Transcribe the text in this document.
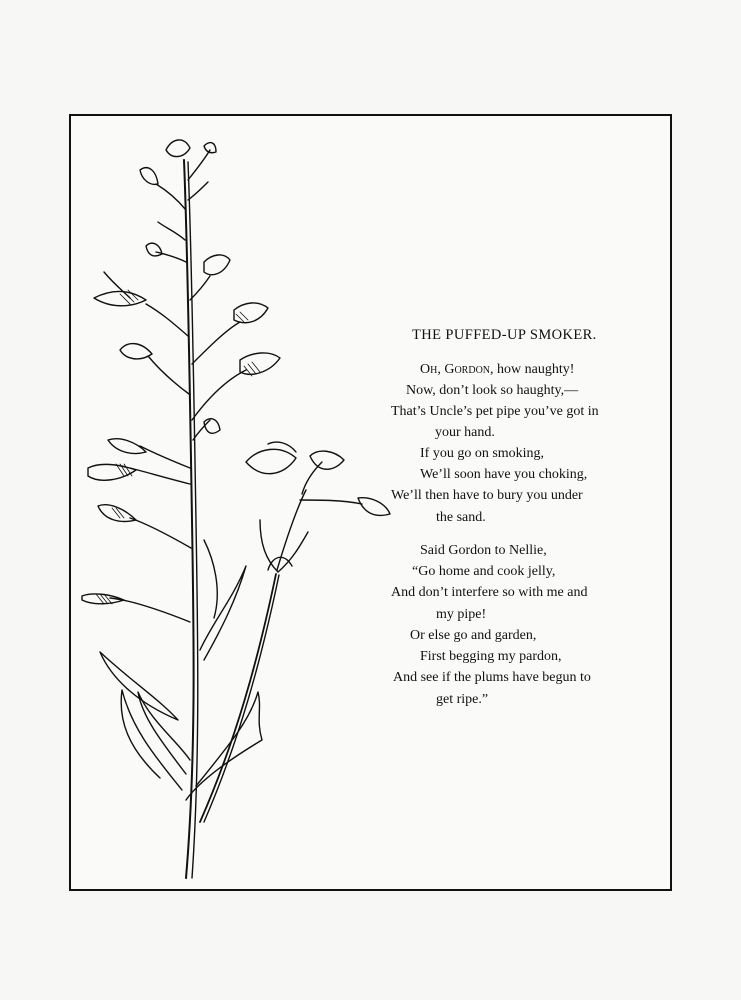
THE PUFFED-UP SMOKER.
Oh, Gordon, how naughty!
Now, don’t look so haughty,—
That’s Uncle’s pet pipe you’ve got in
your hand.
If you go on smoking,
We’ll soon have you choking,
We’ll then have to bury you under
the sand.
Said Gordon to Nellie,
“Go home and cook jelly,
And don’t interfere so with me and
my pipe!
Or else go and garden,
First begging my pardon,
And see if the plums have begun to
get ripe.”
